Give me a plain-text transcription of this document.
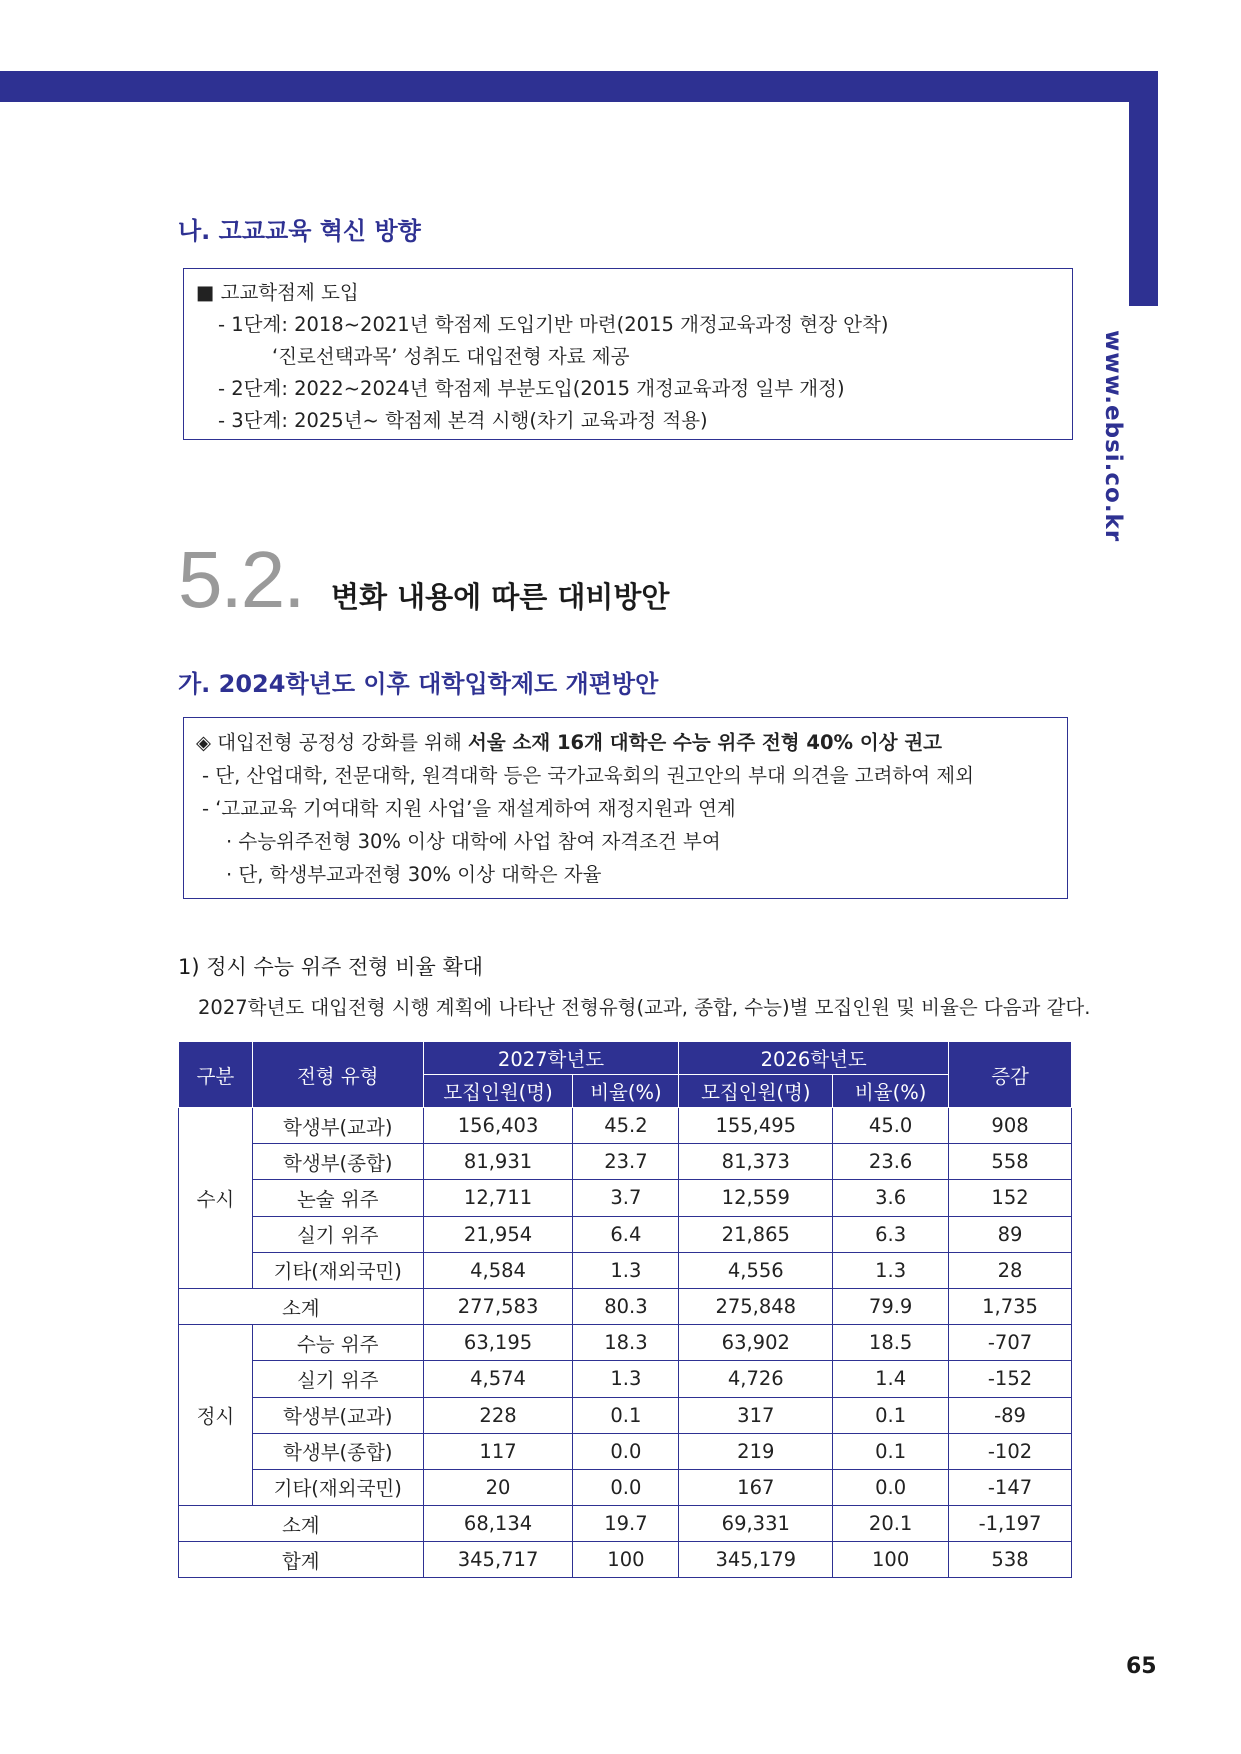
www.ebsi.co.kr
나. 고교교육 혁신 방향
■ 고교학점제 도입
- 1단계: 2018~2021년 학점제 도입기반 마련(2015 개정교육과정 현장 안착)
‘진로선택과목’ 성취도 대입전형 자료 제공
- 2단계: 2022~2024년 학점제 부분도입(2015 개정교육과정 일부 개정)
- 3단계: 2025년~ 학점제 본격 시행(차기 교육과정 적용)
5.2. 변화 내용에 따른 대비방안
가. 2024학년도 이후 대학입학제도 개편방안
◈ 대입전형 공정성 강화를 위해 서울 소재 16개 대학은 수능 위주 전형 40% 이상 권고
- 단, 산업대학, 전문대학, 원격대학 등은 국가교육회의 권고안의 부대 의견을 고려하여 제외
- ‘고교교육 기여대학 지원 사업’을 재설계하여 재정지원과 연계
· 수능위주전형 30% 이상 대학에 사업 참여 자격조건 부여
· 단, 학생부교과전형 30% 이상 대학은 자율
1) 정시 수능 위주 전형 비율 확대
2027학년도 대입전형 시행 계획에 나타난 전형유형(교과, 종합, 수능)별 모집인원 및 비율은 다음과 같다.
구분	전형 유형	2027학년도		2026학년도		증감
		모집인원(명)	비율(%)	모집인원(명)	비율(%)	
수시	학생부(교과)	156,403	45.2	155,495	45.0	908
	학생부(종합)	81,931	23.7	81,373	23.6	558
	논술 위주	12,711	3.7	12,559	3.6	152
	실기 위주	21,954	6.4	21,865	6.3	89
	기타(재외국민)	4,584	1.3	4,556	1.3	28
소계		277,583	80.3	275,848	79.9	1,735
정시	수능 위주	63,195	18.3	63,902	18.5	-707
	실기 위주	4,574	1.3	4,726	1.4	-152
	학생부(교과)	228	0.1	317	0.1	-89
	학생부(종합)	117	0.0	219	0.1	-102
	기타(재외국민)	20	0.0	167	0.0	-147
소계		68,134	19.7	69,331	20.1	-1,197
합계		345,717	100	345,179	100	538
65
